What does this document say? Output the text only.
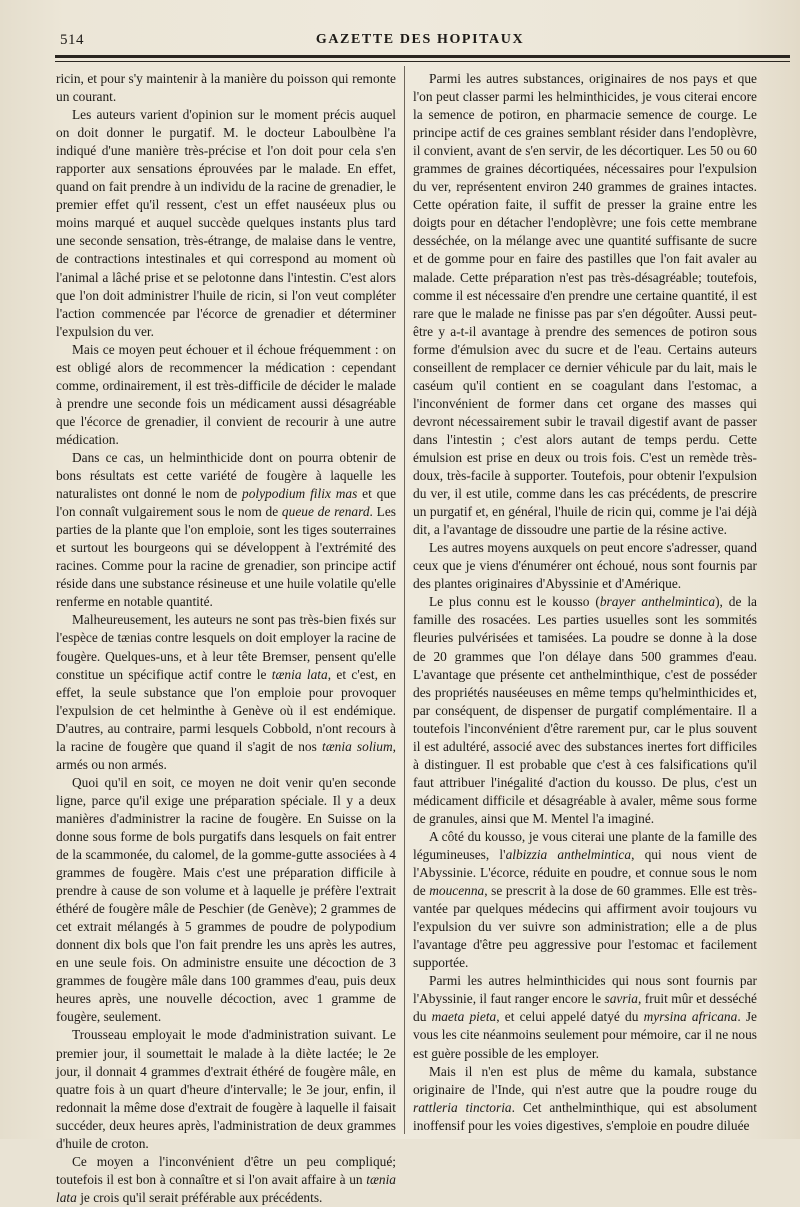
514	GAZETTE DES HOPITAUX

ricin, et pour s'y maintenir à la manière du poisson qui remonte un courant.

Les auteurs varient d'opinion sur le moment précis auquel on doit donner le purgatif. M. le docteur Laboulbène l'a indiqué d'une manière très-précise et l'on doit pour cela s'en rapporter aux sensations éprouvées par le malade. En effet, quand on fait prendre à un individu de la racine de grenadier, le premier effet qu'il ressent, c'est un effet nauséeux plus ou moins marqué et auquel succède quelques instants plus tard une seconde sensation, très-étrange, de malaise dans le ventre, de contractions intestinales et qui correspond au moment où l'animal a lâché prise et se pelotonne dans l'intestin. C'est alors que l'on doit administrer l'huile de ricin, si l'on veut compléter l'action commencée par l'écorce de grenadier et déterminer l'expulsion du ver.

Mais ce moyen peut échouer et il échoue fréquemment : on est obligé alors de recommencer la médication : cependant comme, ordinairement, il est très-difficile de décider le malade à prendre une seconde fois un médicament aussi désagréable que l'écorce de grenadier, il convient de recourir à une autre médication.

Dans ce cas, un helminthicide dont on pourra obtenir de bons résultats est cette variété de fougère à laquelle les naturalistes ont donné le nom de polypodium filix mas et que l'on connaît vulgairement sous le nom de queue de renard. Les parties de la plante que l'on emploie, sont les tiges souterraines et surtout les bourgeons qui se développent à l'extrémité des racines. Comme pour la racine de grenadier, son principe actif réside dans une substance résineuse et une huile volatile qu'elle renferme en notable quantité.

Malheureusement, les auteurs ne sont pas très-bien fixés sur l'espèce de tænias contre lesquels on doit employer la racine de fougère. Quelques-uns, et à leur tête Bremser, pensent qu'elle constitue un spécifique actif contre le tænia lata, et c'est, en effet, la seule substance que l'on emploie pour provoquer l'expulsion de cet helminthe à Genève où il est endémique. D'autres, au contraire, parmi lesquels Cobbold, n'ont recours à la racine de fougère que quand il s'agit de nos tænia solium, armés ou non armés.

Quoi qu'il en soit, ce moyen ne doit venir qu'en seconde ligne, parce qu'il exige une préparation spéciale. Il y a deux manières d'administrer la racine de fougère. En Suisse on la donne sous forme de bols purgatifs dans lesquels on fait entrer de la scammonée, du calomel, de la gomme-gutte associées à 4 grammes de fougère. Mais c'est une préparation difficile à prendre à cause de son volume et à laquelle je préfère l'extrait éthéré de fougère mâle de Peschier (de Genève); 2 grammes de cet extrait mélangés à 5 grammes de poudre de polypodium donnent dix bols que l'on fait prendre les uns après les autres, en une seule fois. On administre ensuite une décoction de 3 grammes de fougère mâle dans 100 grammes d'eau, puis deux heures après, une nouvelle décoction, avec 1 gramme de fougère, seulement.

Trousseau employait le mode d'administration suivant. Le premier jour, il soumettait le malade à la diète lactée; le 2e jour, il donnait 4 grammes d'extrait éthéré de fougère mâle, en quatre fois à un quart d'heure d'intervalle; le 3e jour, enfin, il redonnait la même dose d'extrait de fougère à laquelle il faisait succéder, deux heures après, l'administration de deux grammes d'huile de croton.

Ce moyen a l'inconvénient d'être un peu compliqué; toutefois il est bon à connaître et si l'on avait affaire à un tænia lata je crois qu'il serait préférable aux précédents.

Parmi les autres substances, originaires de nos pays et que l'on peut classer parmi les helminthicides, je vous citerai encore la semence de potiron, en pharmacie semence de courge. Le principe actif de ces graines semblant résider dans l'endoplèvre, il convient, avant de s'en servir, de les décortiquer. Les 50 ou 60 grammes de graines décortiquées, nécessaires pour l'expulsion du ver, représentent environ 240 grammes de graines intactes. Cette opération faite, il suffit de presser la graine entre les doigts pour en détacher l'endoplèvre; une fois cette membrane desséchée, on la mélange avec une quantité suffisante de sucre et de gomme pour en faire des pastilles que l'on fait avaler au malade. Cette préparation n'est pas très-désagréable; toutefois, comme il est nécessaire d'en prendre une certaine quantité, il est rare que le malade ne finisse pas par s'en dégoûter. Aussi peut-être y a-t-il avantage à prendre des semences de potiron sous forme d'émulsion avec du sucre et de l'eau. Certains auteurs conseillent de remplacer ce dernier véhicule par du lait, mais le caséum qu'il contient en se coagulant dans l'estomac, a l'inconvénient de former dans cet organe des masses qui devront nécessairement subir le travail digestif avant de passer dans l'intestin ; c'est alors autant de temps perdu. Cette émulsion est prise en deux ou trois fois. C'est un remède très-doux, très-facile à supporter. Toutefois, pour obtenir l'expulsion du ver, il est utile, comme dans les cas précédents, de prescrire un purgatif et, en général, l'huile de ricin qui, comme je l'ai déjà dit, a l'avantage de dissoudre une partie de la résine active.

Les autres moyens auxquels on peut encore s'adresser, quand ceux que je viens d'énumérer ont échoué, nous sont fournis par des plantes originaires d'Abyssinie et d'Amérique.

Le plus connu est le kousso (brayer anthelmintica), de la famille des rosacées. Les parties usuelles sont les sommités fleuries pulvérisées et tamisées. La poudre se donne à la dose de 20 grammes que l'on délaye dans 500 grammes d'eau. L'avantage que présente cet anthelminthique, c'est de posséder des propriétés nauséeuses en même temps qu'helminthicides et, par conséquent, de dispenser de purgatif complémentaire. Il a toutefois l'inconvénient d'être rarement pur, car le plus souvent il est adultéré, associé avec des substances inertes fort difficiles à distinguer. Il est probable que c'est à ces falsifications qu'il faut attribuer l'inégalité d'action du kousso. De plus, c'est un médicament difficile et désagréable à avaler, même sous forme de granules, ainsi que M. Mentel l'a imaginé.

A côté du kousso, je vous citerai une plante de la famille des légumineuses, l'albizzia anthelmintica, qui nous vient de l'Abyssinie. L'écorce, réduite en poudre, et connue sous le nom de moucenna, se prescrit à la dose de 60 grammes. Elle est très-vantée par quelques médecins qui affirment avoir toujours vu l'expulsion du ver suivre son administration; elle a de plus l'avantage d'être peu aggressive pour l'estomac et facilement supportée.

Parmi les autres helminthicides qui nous sont fournis par l'Abyssinie, il faut ranger encore le savria, fruit mûr et desséché du maeta pieta, et celui appelé datyé du myrsina africana. Je vous les cite néanmoins seulement pour mémoire, car il ne nous est guère possible de les employer.

Mais il n'en est plus de même du kamala, substance originaire de l'Inde, qui n'est autre que la poudre rouge du rattleria tinctoria. Cet anthelminthique, qui est absolument inoffensif pour les voies digestives, s'emploie en poudre diluée
